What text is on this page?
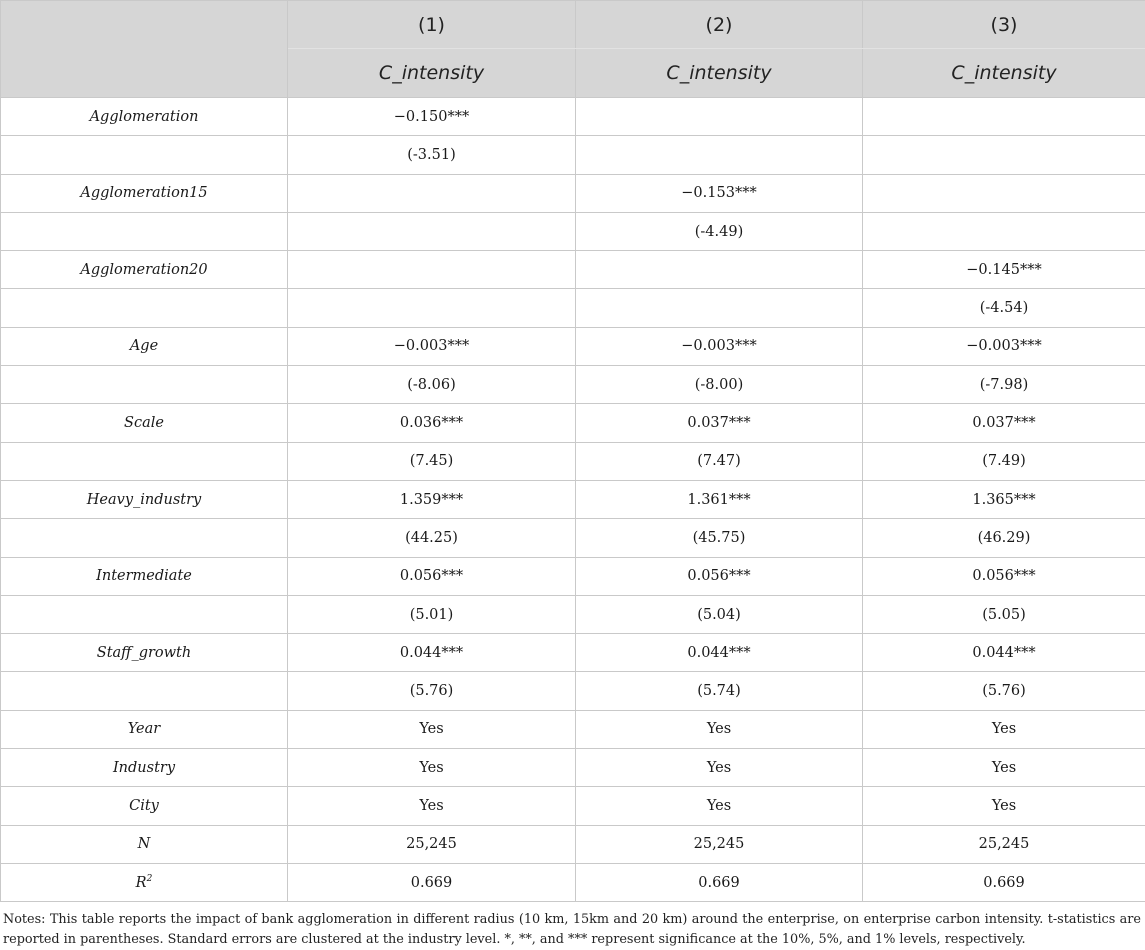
	(1)	(2)	(3)
	C_intensity	C_intensity	C_intensity
Agglomeration	−0.150***		
	(-3.51)		
Agglomeration15		−0.153***	
		(-4.49)	
Agglomeration20			−0.145***
			(-4.54)
Age	−0.003***	−0.003***	−0.003***
	(-8.06)	(-8.00)	(-7.98)
Scale	0.036***	0.037***	0.037***
	(7.45)	(7.47)	(7.49)
Heavy_industry	1.359***	1.361***	1.365***
	(44.25)	(45.75)	(46.29)
Intermediate	0.056***	0.056***	0.056***
	(5.01)	(5.04)	(5.05)
Staff_growth	0.044***	0.044***	0.044***
	(5.76)	(5.74)	(5.76)
Year	Yes	Yes	Yes
Industry	Yes	Yes	Yes
City	Yes	Yes	Yes
N	25,245	25,245	25,245
$R^2$	0.669	0.669	0.669
Notes: This table reports the impact of bank agglomeration in different radius (10 km, 15km and 20 km) around the enterprise, on enterprise carbon intensity. t-statistics are reported in parentheses. Standard errors are clustered at the industry level. *, **, and *** represent significance at the 10%, 5%, and 1% levels, respectively.
